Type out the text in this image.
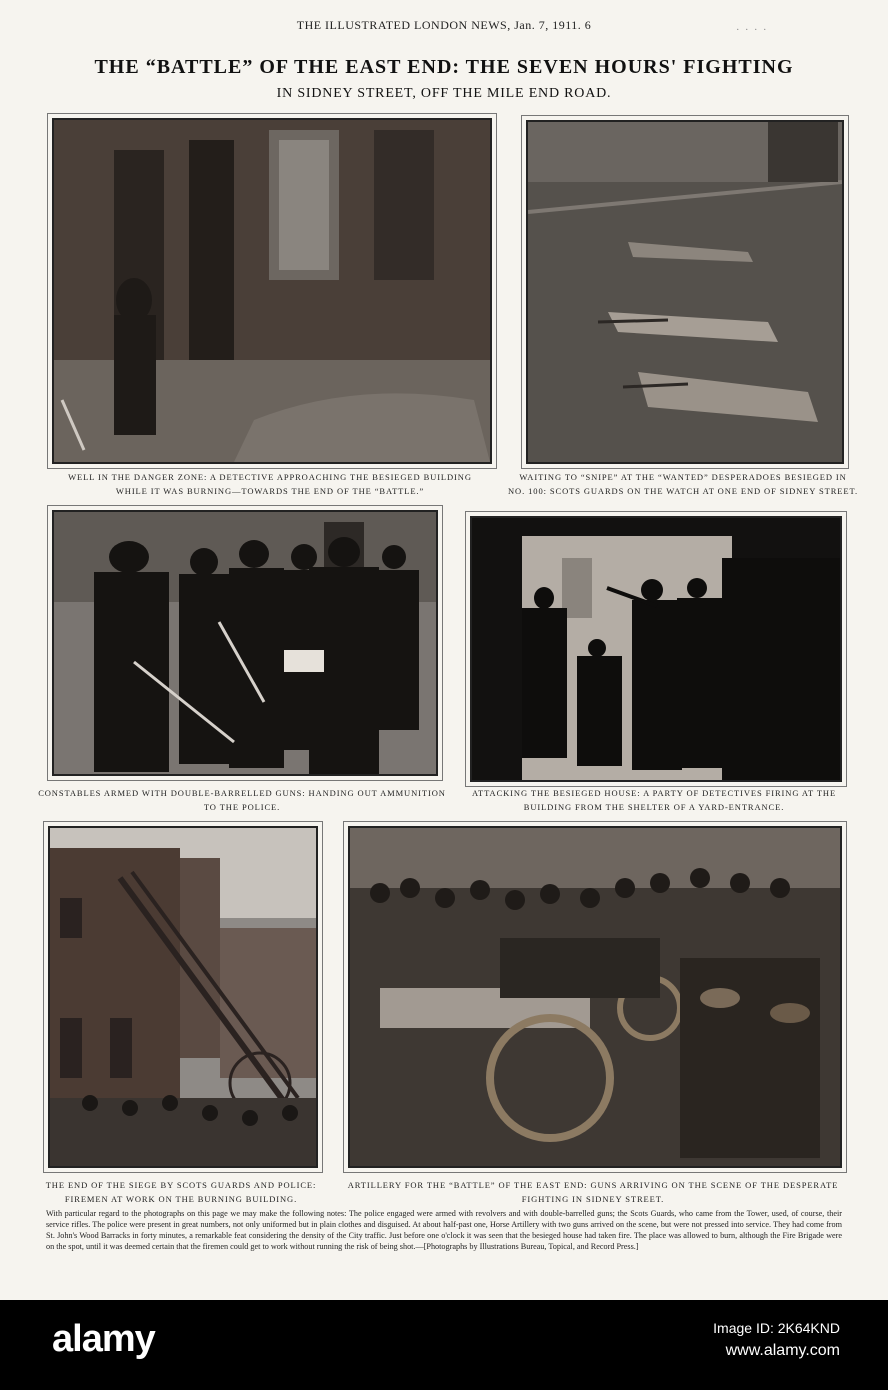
THE ILLUSTRATED LONDON NEWS, Jan. 7, 1911. 6	. . . .
THE “BATTLE” OF THE EAST END: THE SEVEN HOURS' FIGHTING
IN SIDNEY STREET, OFF THE MILE END ROAD.
WELL IN THE DANGER ZONE: A DETECTIVE APPROACHING THE BESIEGED BUILDING
WHILE IT WAS BURNING—TOWARDS THE END OF THE “BATTLE.”
WAITING TO “SNIPE” AT THE “WANTED” DESPERADOES BESIEGED IN
NO. 100: SCOTS GUARDS ON THE WATCH AT ONE END OF SIDNEY STREET.
CONSTABLES ARMED WITH DOUBLE-BARRELLED GUNS: HANDING OUT AMMUNITION
TO THE POLICE.
ATTACKING THE BESIEGED HOUSE: A PARTY OF DETECTIVES FIRING AT THE
BUILDING FROM THE SHELTER OF A YARD-ENTRANCE.
THE END OF THE SIEGE BY SCOTS GUARDS AND POLICE:
FIREMEN AT WORK ON THE BURNING BUILDING.
ARTILLERY FOR THE “BATTLE” OF THE EAST END: GUNS ARRIVING ON THE SCENE OF THE DESPERATE
FIGHTING IN SIDNEY STREET.
With particular regard to the photographs on this page we may make the following notes: The police engaged were armed with revolvers and with double-barrelled guns; the Scots Guards, who came from the Tower, used, of course, their service rifles. The police were present in great numbers, not only uniformed but in plain clothes and disguised. At about half-past one, Horse Artillery with two guns arrived on the scene, but were not pressed into service. They had come from St. John's Wood Barracks in forty minutes, a remarkable feat considering the density of the City traffic. Just before one o'clock it was seen that the besieged house had taken fire. The place was allowed to burn, although the Fire Brigade were on the spot, until it was deemed certain that the firemen could get to work without running the risk of being shot.—[Photographs by Illustrations Bureau, Topical, and Record Press.]
alamy	Image ID: 2K64KND
www.alamy.com
